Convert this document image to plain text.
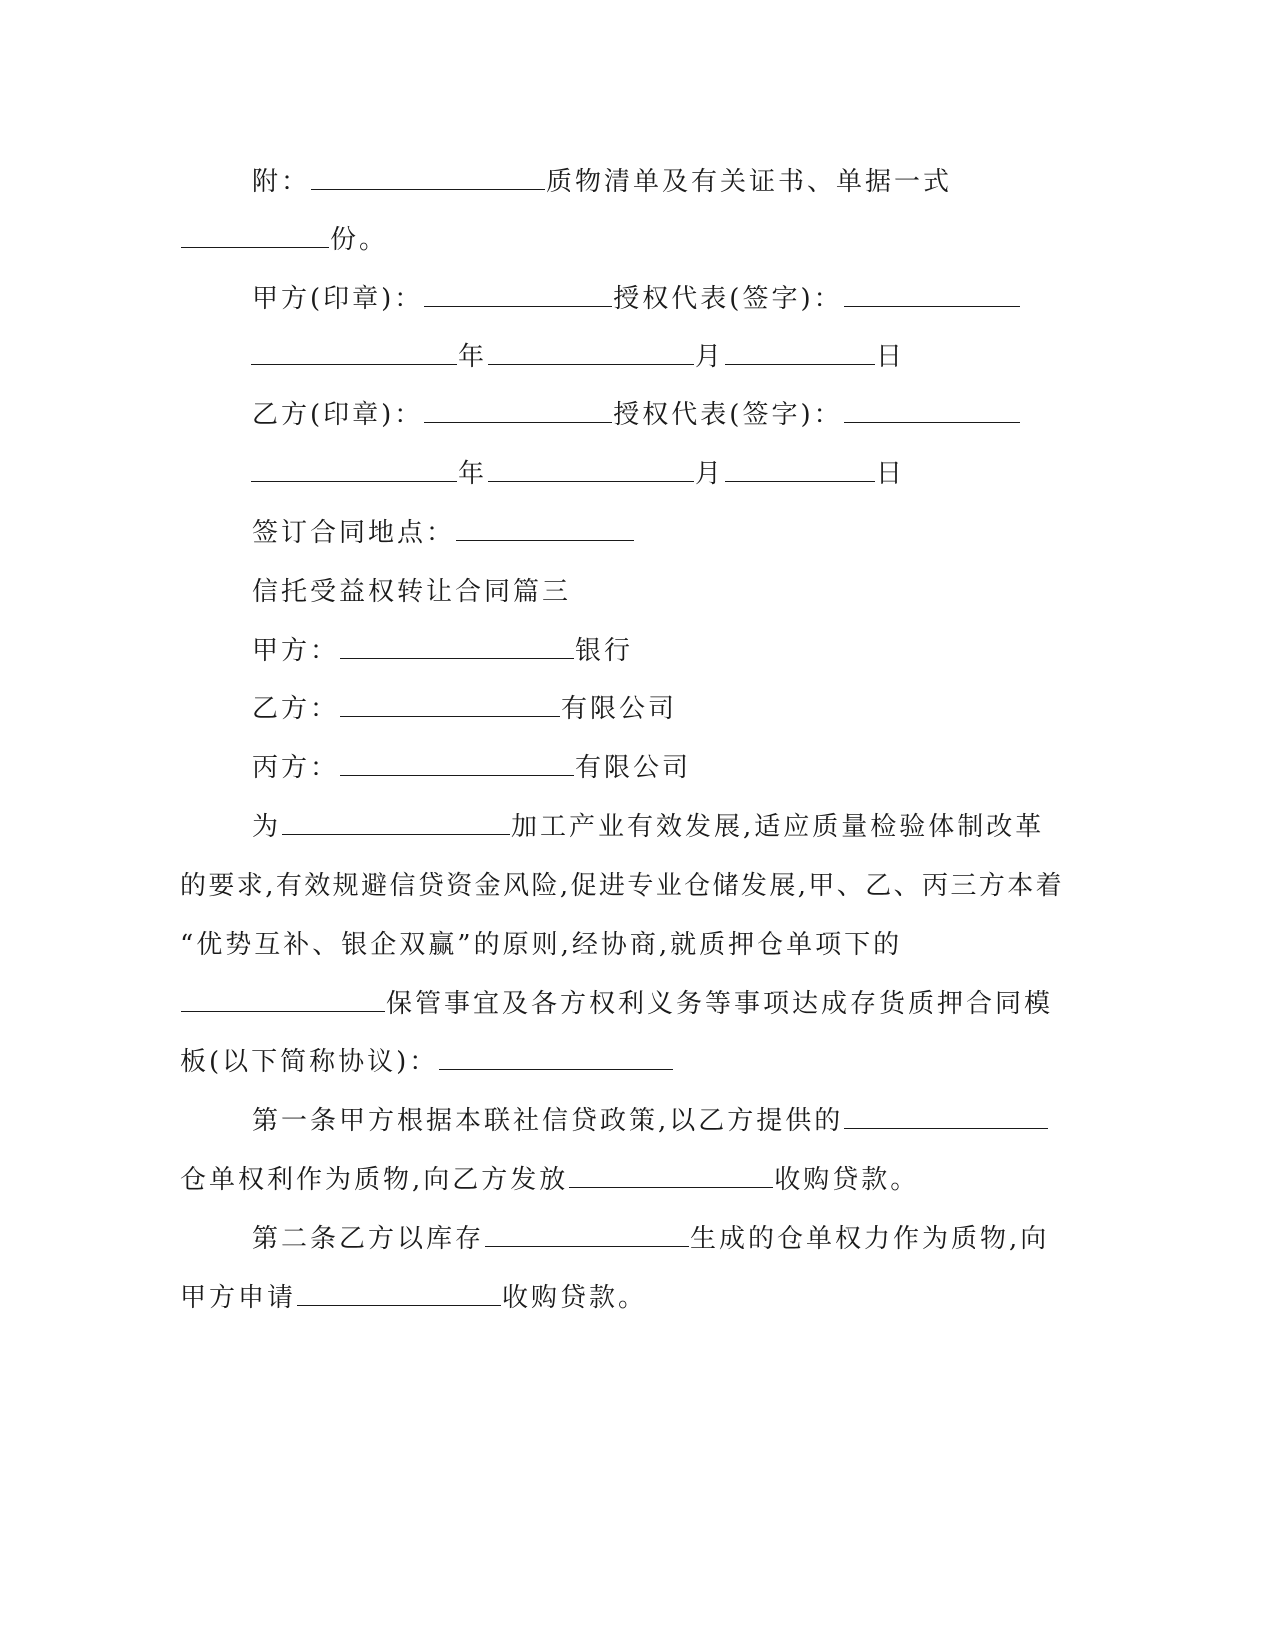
附：	质物清单及有关证书、单据一式
份。
甲方(印章)：	授权代表(签字)：
年	月	日
乙方(印章)：	授权代表(签字)：
年	月	日
签订合同地点：
信托受益权转让合同篇三
甲方：	银行
乙方：	有限公司
丙方：	有限公司
为	加工产业有效发展,适应质量检验体制改革
的要求,有效规避信贷资金风险,促进专业仓储发展,甲、乙、丙三方本着
“优势互补、银企双赢”的原则,经协商,就质押仓单项下的
保管事宜及各方权利义务等事项达成存货质押合同模
板(以下简称协议)：
第一条甲方根据本联社信贷政策,以乙方提供的
仓单权利作为质物,向乙方发放	收购贷款。
第二条乙方以库存	生成的仓单权力作为质物,向
甲方申请	收购贷款。
